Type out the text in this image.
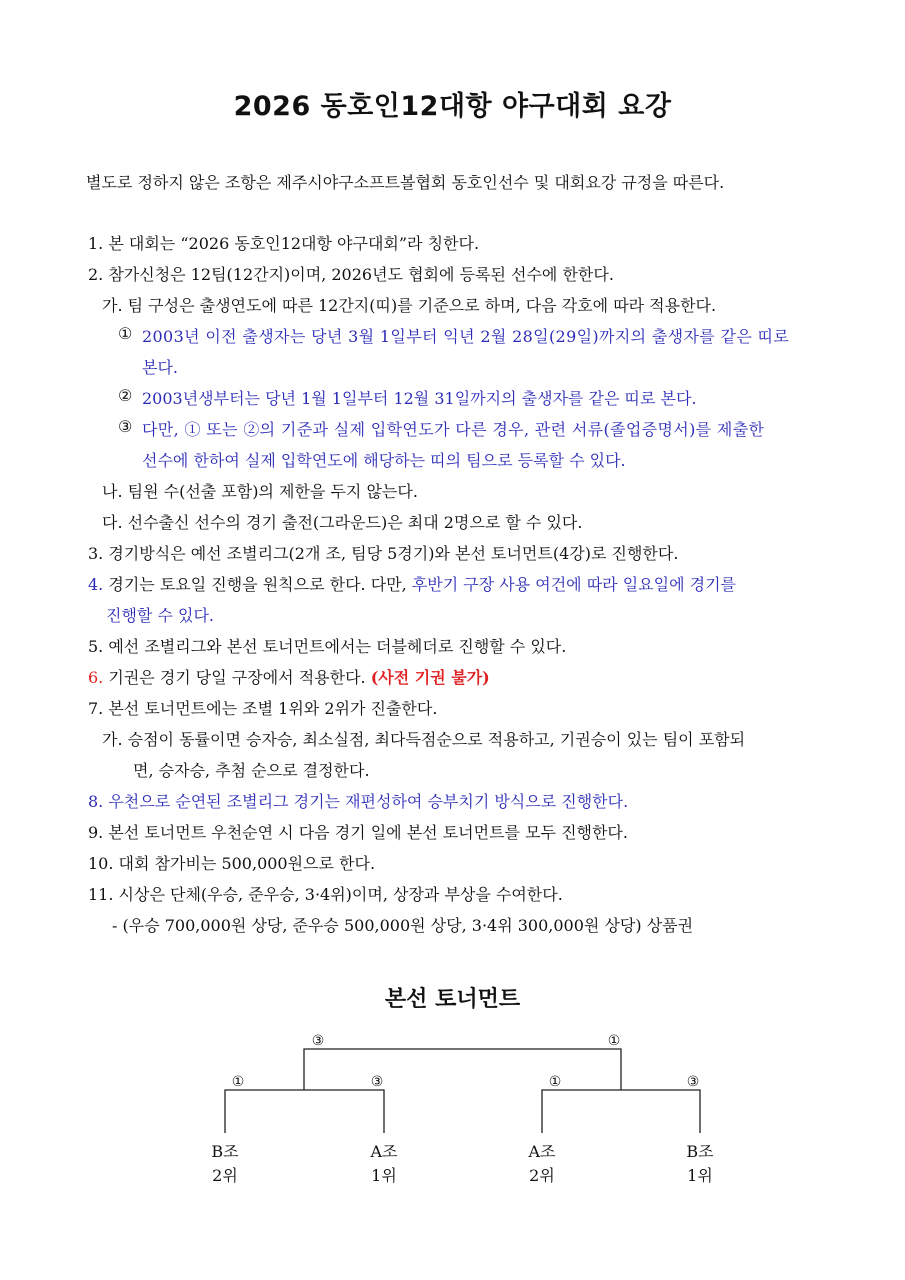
2026 동호인12대항 야구대회 요강
별도로 정하지 않은 조항은 제주시야구소프트볼협회 동호인선수 및 대회요강 규정을 따른다.
1. 본 대회는 “2026 동호인12대항 야구대회”라 칭한다.
2. 참가신청은 12팀(12간지)이며, 2026년도 협회에 등록된 선수에 한한다.
가. 팀 구성은 출생연도에 따른 12간지(띠)를 기준으로 하며, 다음 각호에 따라 적용한다.
① 2003년 이전 출생자는 당년 3월 1일부터 익년 2월 28일(29일)까지의 출생자를 같은 띠로
본다.
② 2003년생부터는 당년 1월 1일부터 12월 31일까지의 출생자를 같은 띠로 본다.
③ 다만, ① 또는 ②의 기준과 실제 입학연도가 다른 경우, 관련 서류(졸업증명서)를 제출한
선수에 한하여 실제 입학연도에 해당하는 띠의 팀으로 등록할 수 있다.
나. 팀원 수(선출 포함)의 제한을 두지 않는다.
다. 선수출신 선수의 경기 출전(그라운드)은 최대 2명으로 할 수 있다.
3. 경기방식은 예선 조별리그(2개 조, 팀당 5경기)와 본선 토너먼트(4강)로 진행한다.
4. 경기는 토요일 진행을 원칙으로 한다. 다만, 후반기 구장 사용 여건에 따라 일요일에 경기를
진행할 수 있다.
5. 예선 조별리그와 본선 토너먼트에서는 더블헤더로 진행할 수 있다.
6. 기권은 경기 당일 구장에서 적용한다. (사전 기권 불가)
7. 본선 토너먼트에는 조별 1위와 2위가 진출한다.
가. 승점이 동률이면 승자승, 최소실점, 최다득점순으로 적용하고, 기권승이 있는 팀이 포함되
면, 승자승, 추첨 순으로 결정한다.
8. 우천으로 순연된 조별리그 경기는 재편성하여 승부치기 방식으로 진행한다.
9. 본선 토너먼트 우천순연 시 다음 경기 일에 본선 토너먼트를 모두 진행한다.
10. 대회 참가비는 500,000원으로 한다.
11. 시상은 단체(우승, 준우승, 3·4위)이며, 상장과 부상을 수여한다.
- (우승 700,000원 상당, 준우승 500,000원 상당, 3·4위 300,000원 상당) 상품권
본선 토너먼트
③	①
①	③	①	③
B조
2위
A조
1위
A조
2위
B조
1위
